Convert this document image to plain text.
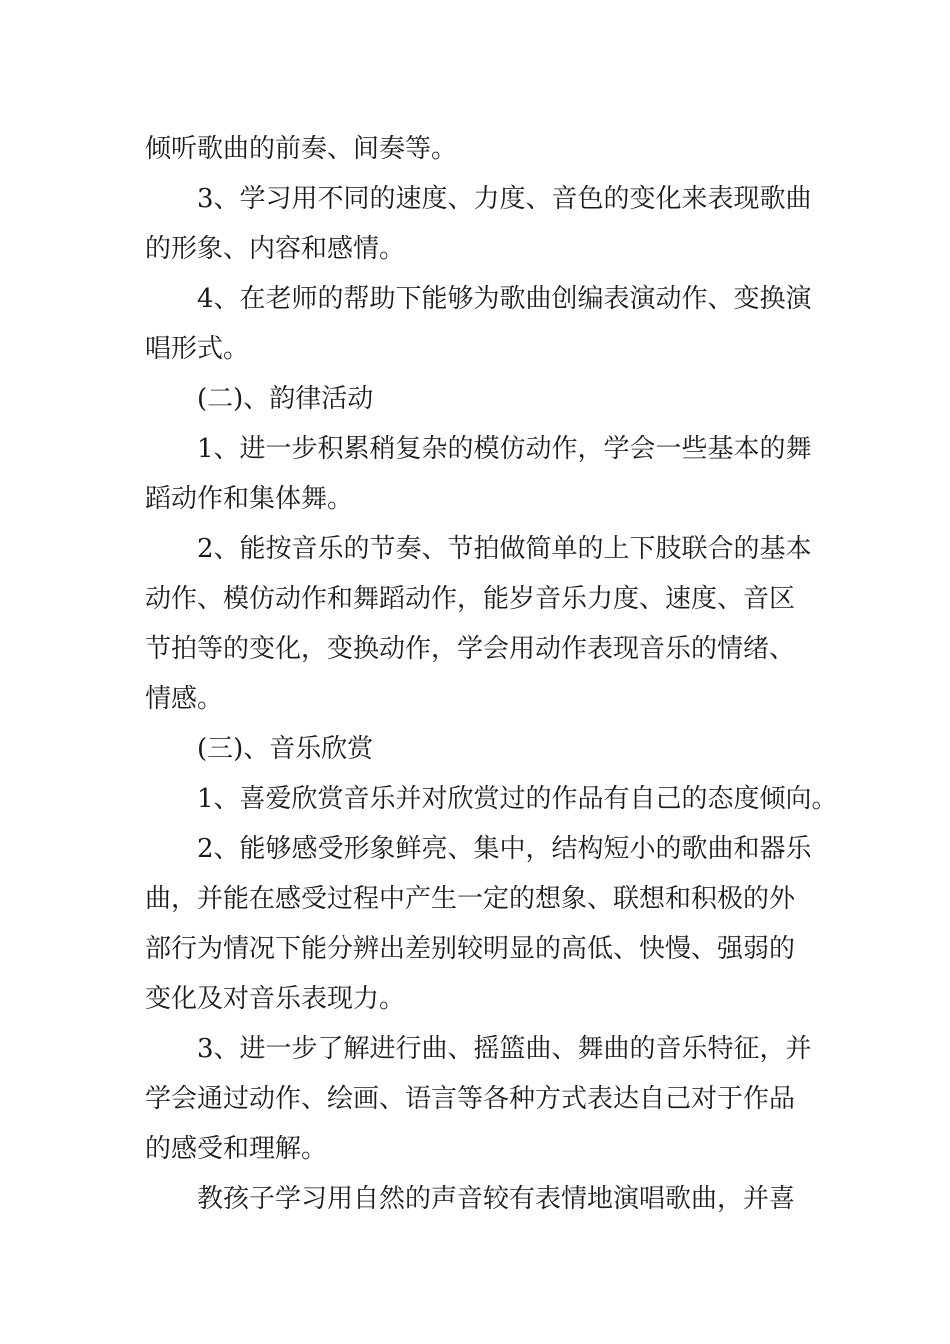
倾听歌曲的前奏、间奏等。

3、学习用不同的速度、力度、音色的变化来表现歌曲

的形象、内容和感情。

4、在老师的帮助下能够为歌曲创编表演动作、变换演

唱形式。

(二)、韵律活动

1、进一步积累稍复杂的模仿动作，学会一些基本的舞

蹈动作和集体舞。

2、能按音乐的节奏、节拍做简单的上下肢联合的基本

动作、模仿动作和舞蹈动作，能岁音乐力度、速度、音区

节拍等的变化，变换动作，学会用动作表现音乐的情绪、

情感。

(三)、音乐欣赏

1、喜爱欣赏音乐并对欣赏过的作品有自己的态度倾向。

2、能够感受形象鲜亮、集中，结构短小的歌曲和器乐

曲，并能在感受过程中产生一定的想象、联想和积极的外

部行为情况下能分辨出差别较明显的高低、快慢、强弱的

变化及对音乐表现力。

3、进一步了解进行曲、摇篮曲、舞曲的音乐特征，并

学会通过动作、绘画、语言等各种方式表达自己对于作品

的感受和理解。

教孩子学习用自然的声音较有表情地演唱歌曲，并喜
